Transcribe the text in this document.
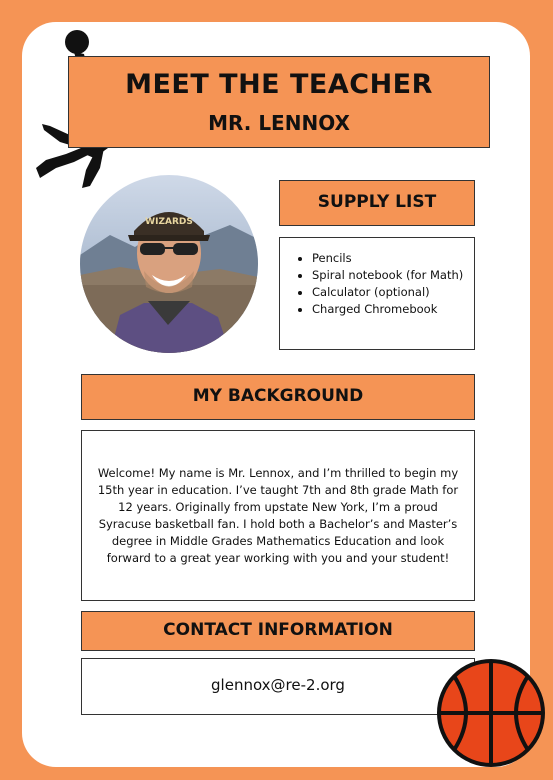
MEET THE TEACHER
MR. LENNOX
WIZARDS
SUPPLY LIST
• Pencils
• Spiral notebook (for Math)
• Calculator (optional)
• Charged Chromebook
MY BACKGROUND

Welcome! My name is Mr. Lennox, and I’m thrilled to begin my 15th year in education. I’ve taught 7th and 8th grade Math for 12 years. Originally from upstate New York, I’m a proud Syracuse basketball fan. I hold both a Bachelor’s and Master’s degree in Middle Grades Mathematics Education and look forward to a great year working with you and your student!

CONTACT INFORMATION
glennox@re-2.org
